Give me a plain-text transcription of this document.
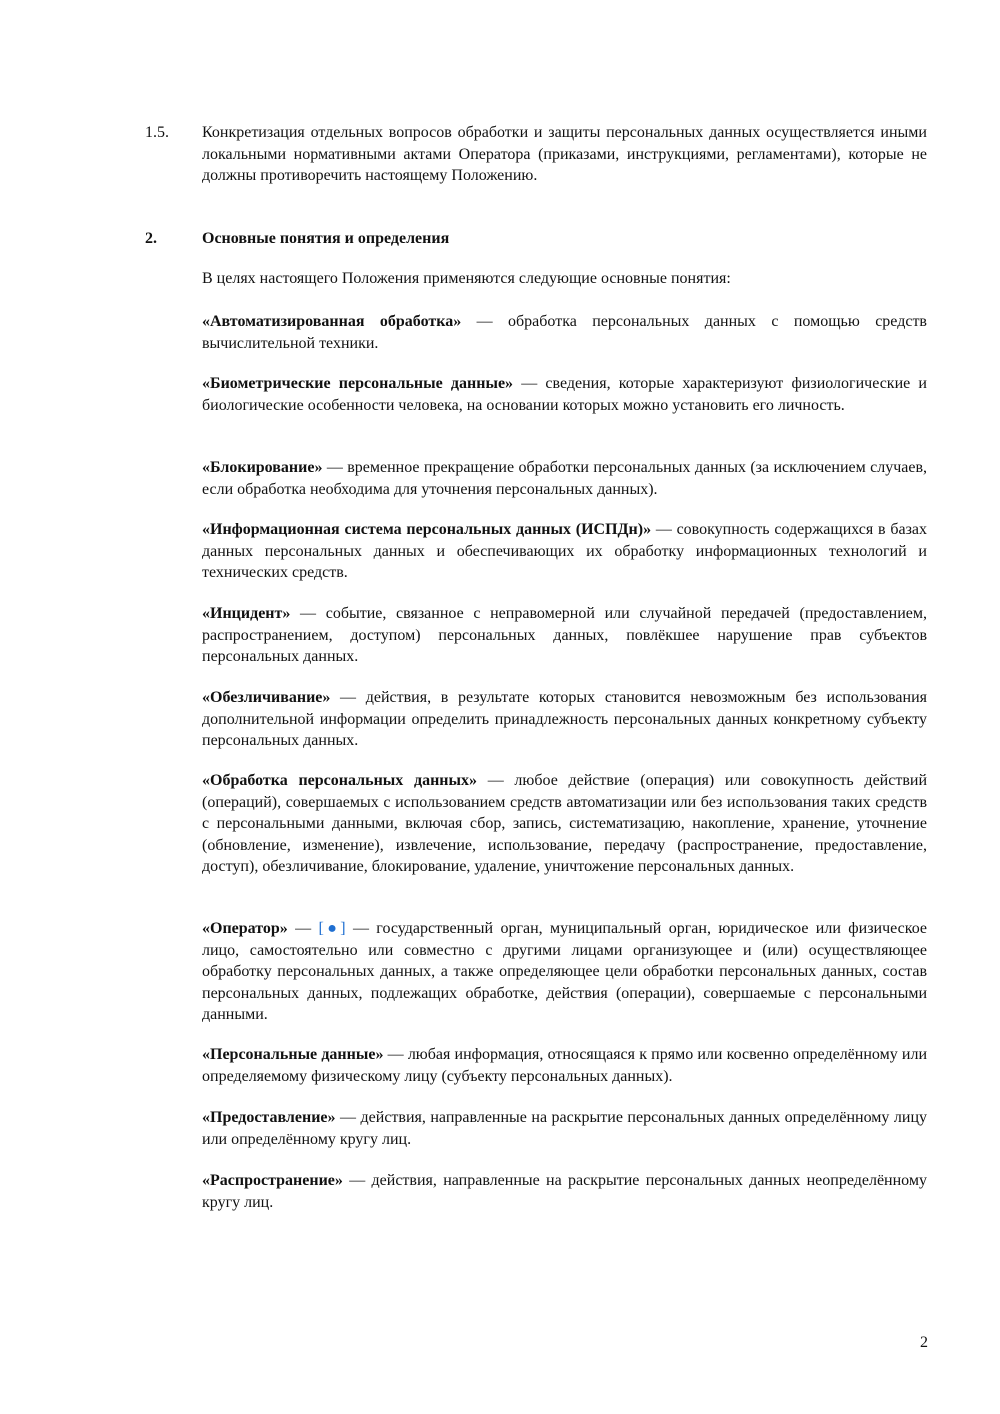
1.5.	Конкретизация отдельных вопросов обработки и защиты персональных данных осуществляется иными локальными нормативными актами Оператора (приказами, инструкциями, регламентами), которые не должны противоречить настоящему Положению.
2.	Основные понятия и определения
В целях настоящего Положения применяются следующие основные понятия:
«Автоматизированная обработка» — обработка персональных данных с помощью средств вычислительной техники.
«Биометрические персональные данные» — сведения, которые характеризуют физиологические и биологические особенности человека, на основании которых можно установить его личность.
«Блокирование» — временное прекращение обработки персональных данных (за исключением случаев, если обработка необходима для уточнения персональных данных).
«Информационная система персональных данных (ИСПДн)» — совокупность содержащихся в базах данных персональных данных и обеспечивающих их обработку информационных технологий и технических средств.
«Инцидент» — событие, связанное с неправомерной или случайной передачей (предоставлением, распространением, доступом) персональных данных, повлёкшее нарушение прав субъектов персональных данных.
«Обезличивание» — действия, в результате которых становится невозможным без использования дополнительной информации определить принадлежность персональных данных конкретному субъекту персональных данных.
«Обработка персональных данных» — любое действие (операция) или совокупность действий (операций), совершаемых с использованием средств автоматизации или без использования таких средств с персональными данными, включая сбор, запись, систематизацию, накопление, хранение, уточнение (обновление, изменение), извлечение, использование, передачу (распространение, предоставление, доступ), обезличивание, блокирование, удаление, уничтожение персональных данных.
«Оператор» — [●] — государственный орган, муниципальный орган, юридическое или физическое лицо, самостоятельно или совместно с другими лицами организующее и (или) осуществляющее обработку персональных данных, а также определяющее цели обработки персональных данных, состав персональных данных, подлежащих обработке, действия (операции), совершаемые с персональными данными.
«Персональные данные» — любая информация, относящаяся к прямо или косвенно определённому или определяемому физическому лицу (субъекту персональных данных).
«Предоставление» — действия, направленные на раскрытие персональных данных определённому лицу или определённому кругу лиц.
«Распространение» — действия, направленные на раскрытие персональных данных неопределённому кругу лиц.
2
